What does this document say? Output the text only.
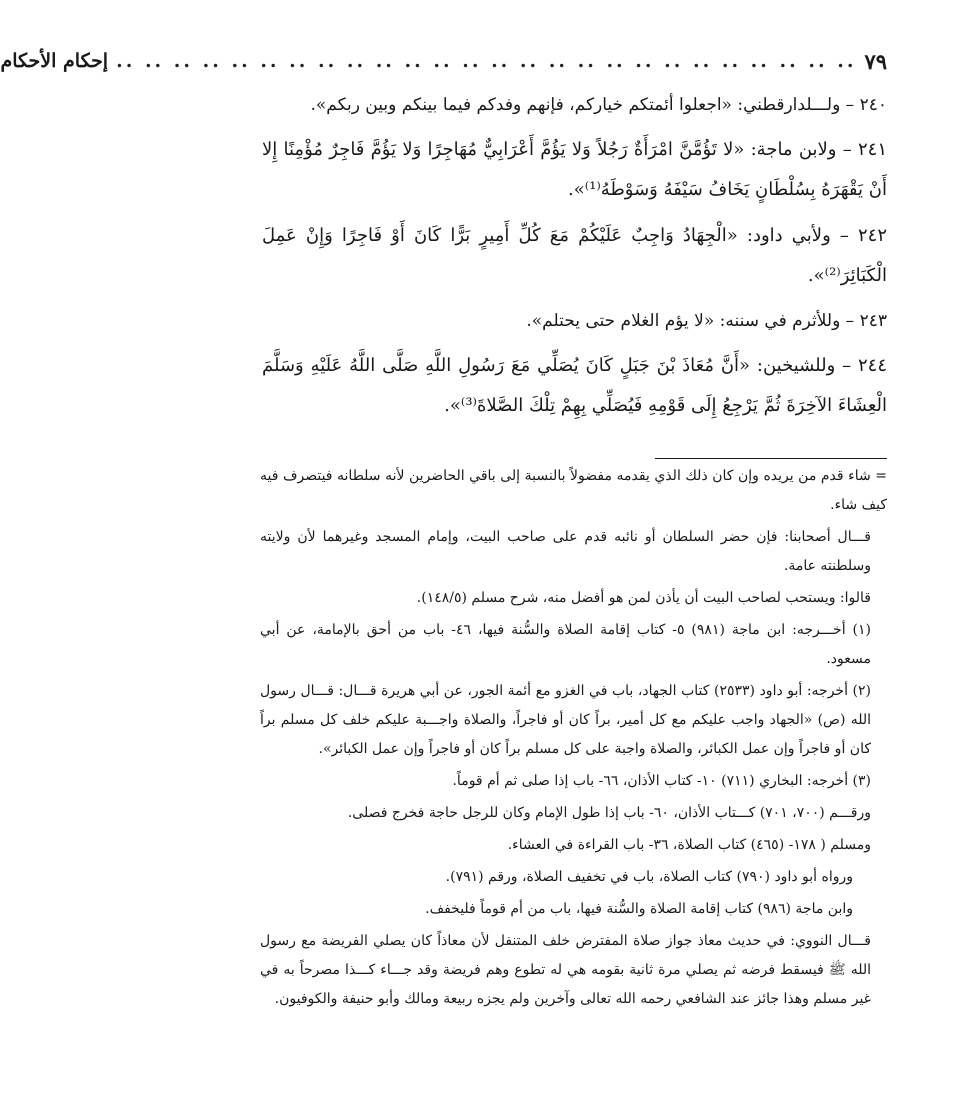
٧٩
.. .. .. .. .. .. .. .. .. .. .. .. .. .. .. .. .. .. .. .. .. .. .. .. .. ..
إحكام الأحكام

٢٤٠ – ولـــلدارقطني: «اجعلوا أئمتكم خياركم، فإنهم وفدكم فيما بينكم وبين ربكم».

٢٤١ – ولابن ماجة: «لا تَؤُمَّنَّ امْرَأَةٌ رَجُلاً وَلا يَؤُمَّ أَعْرَابِيٌّ مُهَاجِرًا وَلا يَؤُمَّ فَاجِرٌ مُؤْمِنًا إِلا أَنْ يَقْهَرَهُ بِسُلْطَانٍ يَخَافُ سَيْفَهُ وَسَوْطَهُ⁽¹⁾».

٢٤٢ – ولأبي داود: «الْجِهَادُ وَاجِبٌ عَلَيْكُمْ مَعَ كُلِّ أَمِيرٍ بَرًّا كَانَ أَوْ فَاجِرًا وَإِنْ عَمِلَ الْكَبَائِرَ⁽²⁾».

٢٤٣ – وللأثرم في سننه: «لا يؤم الغلام حتى يحتلم».

٢٤٤ – وللشيخين: «أَنَّ مُعَاذَ بْنَ جَبَلٍ كَانَ يُصَلِّي مَعَ رَسُولِ اللَّهِ صَلَّى اللَّهُ عَلَيْهِ وَسَلَّمَ الْعِشَاءَ الآخِرَةَ ثُمَّ يَرْجِعُ إِلَى قَوْمِهِ فَيُصَلِّي بِهِمْ تِلْكَ الصَّلاةَ⁽³⁾».

= شاء قدم من يريده وإن كان ذلك الذي يقدمه مفضولاً بالنسبة إلى باقي الحاضرين لأنه سلطانه فيتصرف فيه كيف شاء.

قـــال أصحابنا: فإن حضر السلطان أو نائبه قدم على صاحب البيت، وإمام المسجد وغيرهما لأن ولايته وسلطنته عامة.

قالوا: ويستحب لصاحب البيت أن يأذن لمن هو أفضل منه، شرح مسلم (١٤٨/٥).

(١) أخـــرجه: ابن ماجة (٩٨١) ٥- كتاب إقامة الصلاة والسُّنة فيها، ٤٦- باب من أحق بالإمامة، عن أبي مسعود.

(٢) أخرجه: أبو داود (٢٥٣٣) كتاب الجهاد، باب في الغزو مع أئمة الجور، عن أبي هريرة قـــال: قـــال رسول الله (ص) «الجهاد واجب عليكم مع كل أمير، براً كان أو فاجراً، والصلاة واجـــبة عليكم خلف كل مسلم براً كان أو فاجراً وإن عمل الكبائر، والصلاة واجبة على كل مسلم براً كان أو فاجراً وإن عمل الكبائر».

(٣) أخرجه: البخاري (٧١١) ١٠- كتاب الأذان، ٦٦- باب إذا صلى ثم أم قوماً.

ورقـــم (٧٠٠، ٧٠١) كـــتاب الأذان، ٦٠- باب إذا طول الإمام وكان للرجل حاجة فخرج فصلى.

ومسلم ( ١٧٨- (٤٦٥) كتاب الصلاة، ٣٦- باب القراءة في العشاء.

ورواه أبو داود (٧٩٠) كتاب الصلاة، باب في تخفيف الصلاة، ورقم (٧٩١).

وابن ماجة (٩٨٦) كتاب إقامة الصلاة والسُّنة فيها، باب من أم قوماً فليخفف.

قـــال النووي: في حديث معاذ جواز صلاة المفترض خلف المتنفل لأن معاذاً كان يصلي الفريضة مع رسول الله ﷺ فيسقط فرضه ثم يصلي مرة ثانية بقومه هي له تطوع وهم فريضة وقد جـــاء كـــذا مصرحاً به في غير مسلم وهذا جائز عند الشافعي رحمه الله تعالى وآخرين ولم يجزه ربيعة ومالك وأبو حنيفة والكوفيون.
